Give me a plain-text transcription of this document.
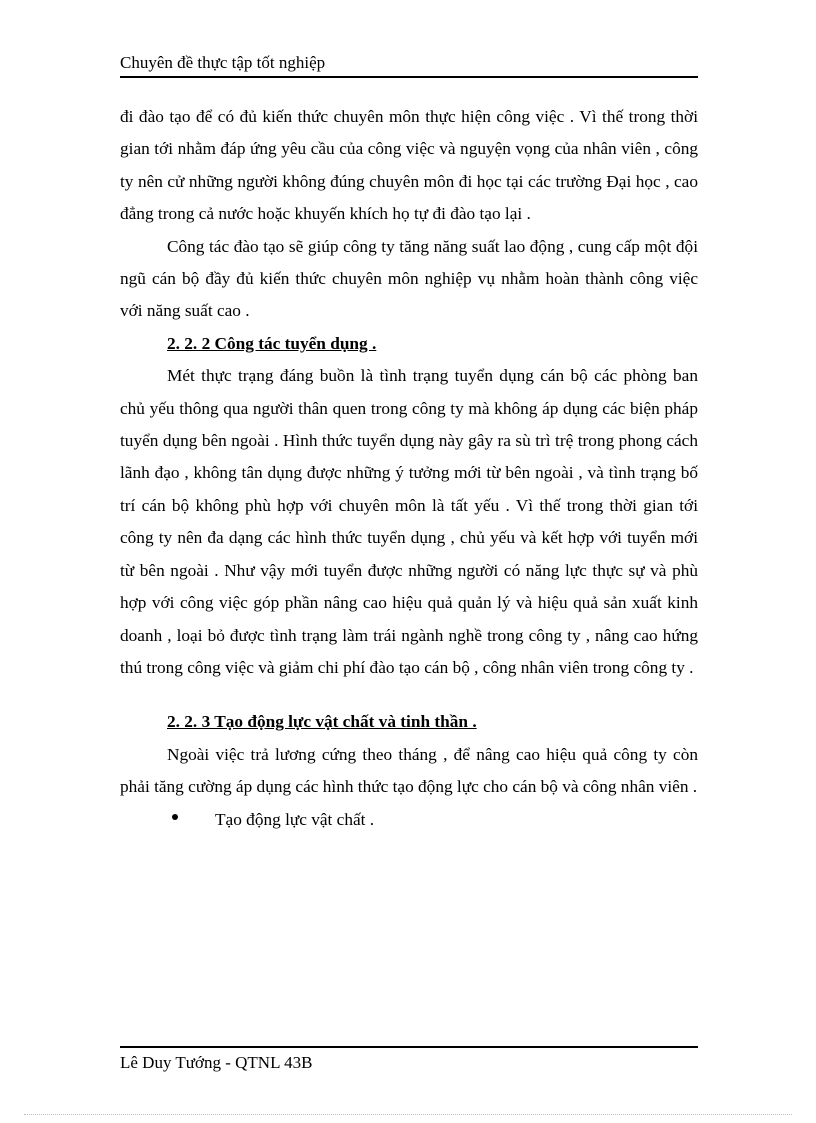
Chuyên đề thực tập tốt nghiệp

đi đào tạo để có đủ kiến thức chuyên môn thực hiện công việc . Vì thế trong thời gian tới nhằm đáp ứng yêu cầu của công việc và nguyện vọng của nhân viên , công ty nên cử những người không đúng chuyên môn đi học tại các trường Đại học , cao đẳng trong cả nước hoặc khuyến khích họ tự đi đào tạo lại .

Công tác đào tạo sẽ giúp công ty tăng năng suất lao động , cung cấp một đội ngũ cán bộ đầy đủ kiến thức chuyên môn nghiệp vụ nhằm hoàn thành công việc với năng suất cao .

2. 2. 2 Công tác tuyển dụng .

Mét thực trạng đáng buồn là tình trạng tuyển dụng cán bộ các phòng ban chủ yếu thông qua người thân quen trong công ty mà không áp dụng các biện pháp tuyển dụng bên ngoài . Hình thức tuyển dụng này gây ra sù trì trệ trong phong cách lãnh đạo , không tân dụng được những ý tưởng mới từ bên ngoài , và tình trạng bố trí cán bộ không phù hợp với chuyên môn là tất yếu . Vì thế trong thời gian tới công ty nên đa dạng các hình thức tuyển dụng , chủ yếu và kết hợp với tuyển mới từ bên ngoài . Như vậy mới tuyển được những người có năng lực thực sự và phù hợp với công việc góp phần nâng cao hiệu quả quản lý và hiệu quả sản xuất kinh doanh , loại bỏ được tình trạng làm trái ngành nghề trong công ty , nâng cao hứng thú trong công việc và giảm chi phí đào tạo cán bộ , công nhân viên trong công ty .

2. 2. 3 Tạo động lực vật chất và tinh thần .

Ngoài việc trả lương cứng theo tháng , để nâng cao hiệu quả công ty còn phải tăng cường áp dụng các hình thức tạo động lực cho cán bộ và công nhân viên .

Tạo động lực vật chất .

Lê Duy Tướng - QTNL 43B
